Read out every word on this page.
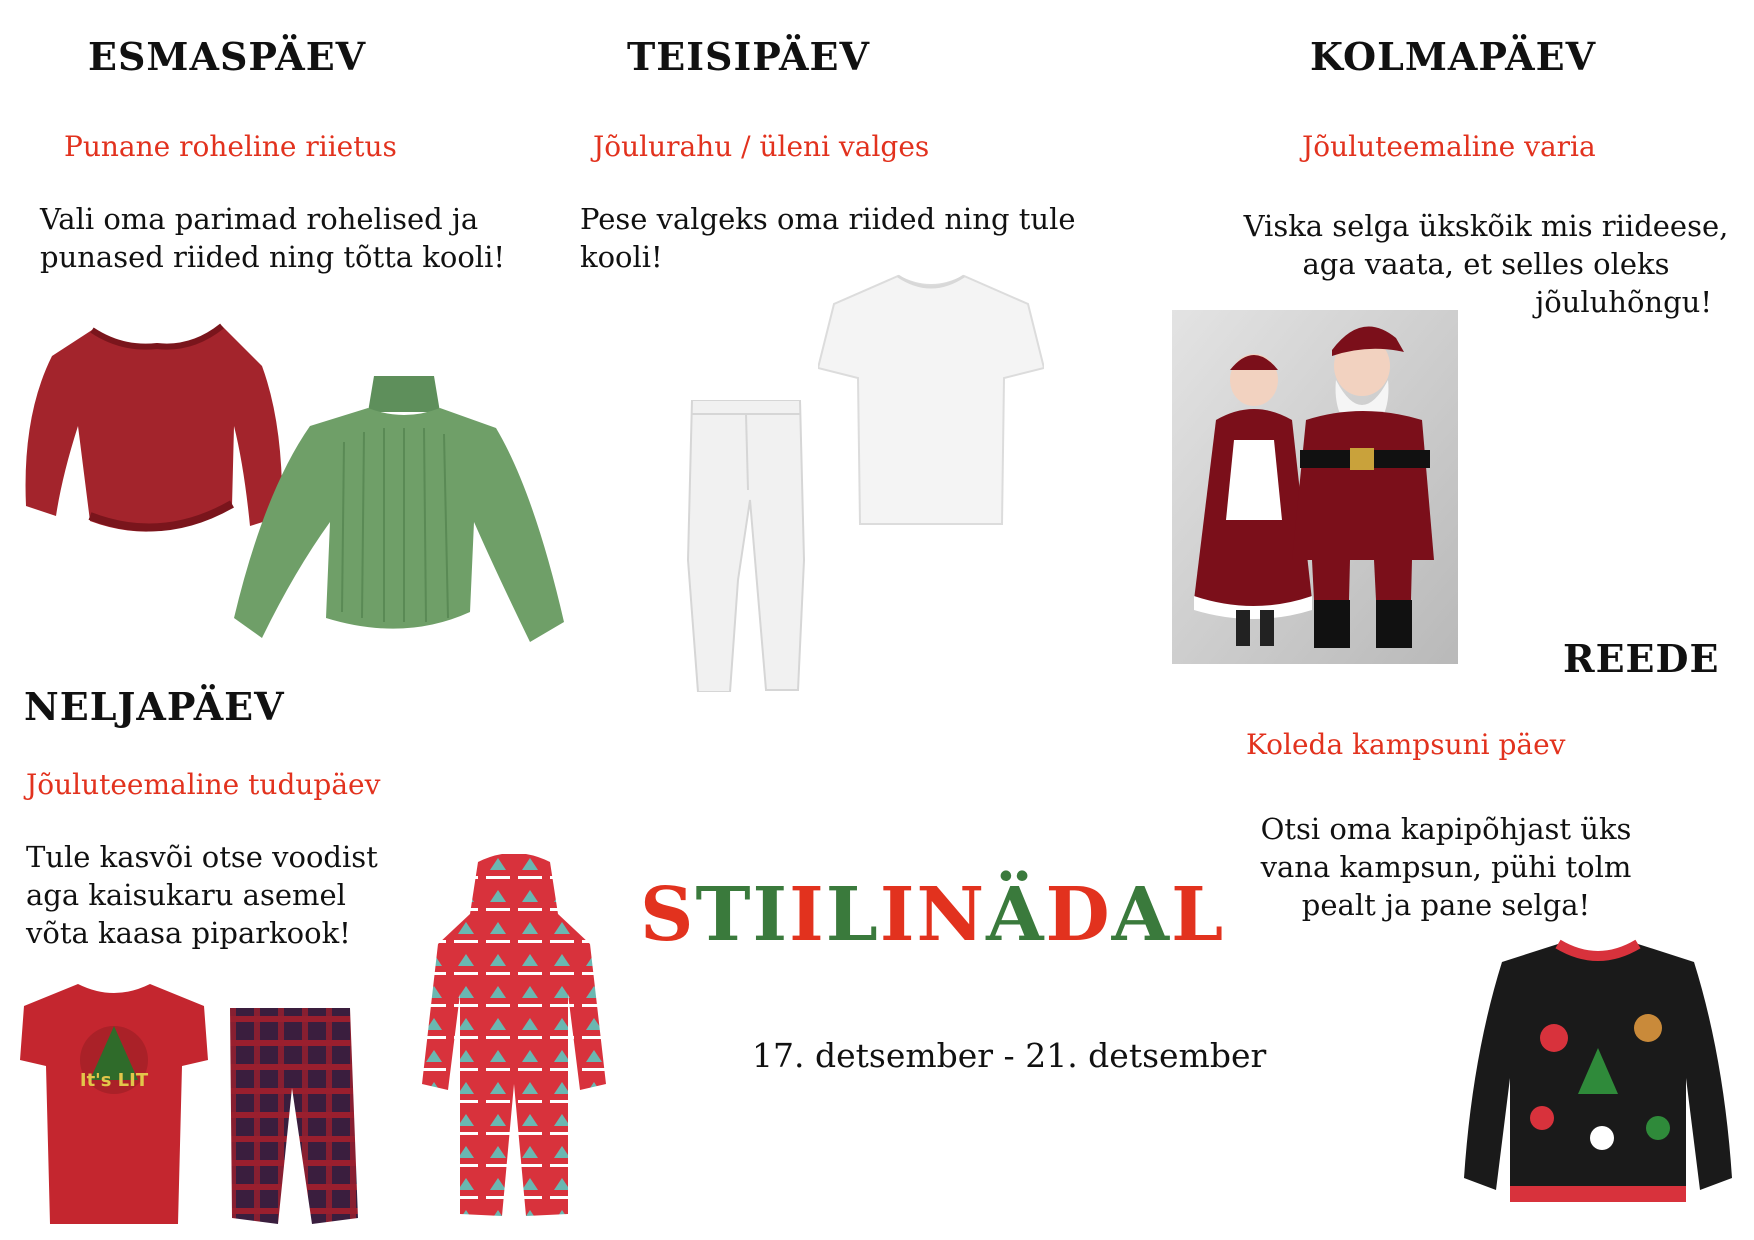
ESMASPÄEV	TEISIPÄEV	KOLMAPÄEV
NELJAPÄEV
REEDE
Punane roheline riietus	Jõulurahu / üleni valges	Jõuluteemaline varia
Jõuluteemaline tudupäev
Koleda kampsuni päev
Vali oma parimad rohelised ja
punased riided ning tõtta kooli!
Pese valgeks oma riided ning tule
kooli!
Viska selga ükskõik mis riideese,
aga vaata, et selles oleks
jõuluhõngu!
Tule kasvõi otse voodist
aga kaisukaru asemel
võta kaasa piparkook!
Otsi oma kapipõhjast üks
vana kampsun, pühi tolm
pealt ja pane selga!
STIILINÄDAL
17. detsember - 21. detsember
It's LIT
